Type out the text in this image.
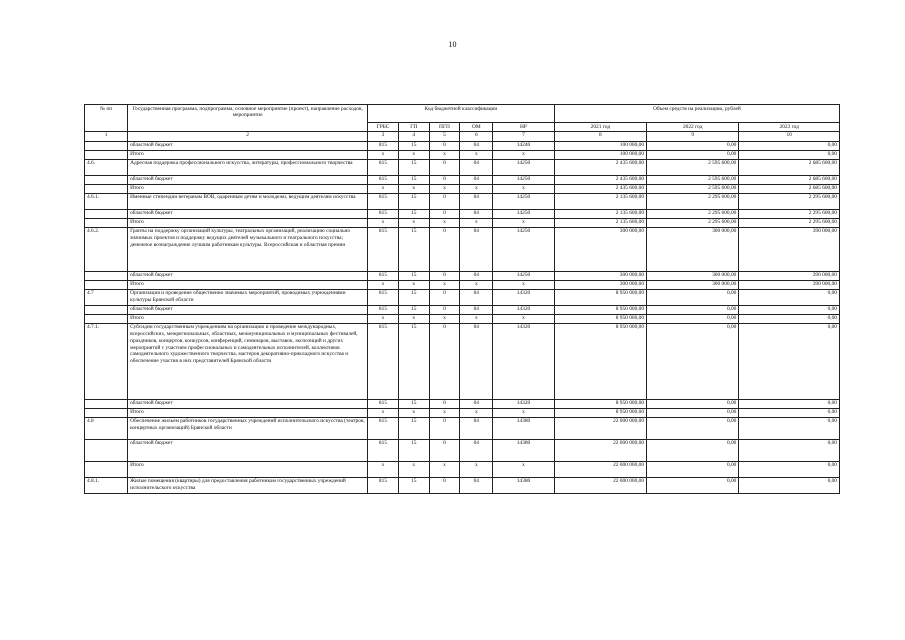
10
№ пп	Государственная программа, подпрограмма, основное мероприятие (проект), направление расходов, мероприятие	Код бюджетной классификации					Объем средств на реализацию, рублей		
		ГРБС	ГП	ПГП	ОМ	НР	2021 год	2022 год	2023 год
1	2	3	4	5	6	7	8	9	10
	областной бюджет	815	15	0	04	14240	100 000,00	0,00	0,00
	Итого	х	х	х	х	х	100 000,00	0,00	0,00
4.6.	Адресная поддержка профессионального искусства, литературы, профессионального творчества	815	15	0	04	14250	2 435 600,00	2 595 600,00	2 685 600,00
	областной бюджет	815	15	0	04	14250	2 435 600,00	2 595 600,00	2 685 600,00
	Итого	х	х	х	х	х	2 435 600,00	2 595 600,00	2 685 600,00
4.6.1.	Именные стипендии ветеранам ВОВ, одаренным детям и молодежи, ведущим деятелям искусства	815	15	0	04	14250	2 135 600,00	2 295 600,00	2 295 600,00
	областной бюджет	815	15	0	04	14250	2 135 600,00	2 295 600,00	2 295 600,00
	Итого	х	х	х	х	х	2 135 600,00	2 295 600,00	2 295 600,00
4.6.2.	Гранты на поддержку организаций культуры, театральных организаций, реализацию социально значимых проектов и поддержку ведущих деятелей музыкального и театрального искусства; денежное вознаграждение лучшим работникам культуры. Всероссийская и областная премии	815	15	0	04	14250	300 000,00	300 000,00	390 000,00
	областной бюджет	815	15	0	04	14250	300 000,00	300 000,00	390 000,00
	Итого	х	х	х	х	х	300 000,00	300 000,00	390 000,00
4.7	Организация и проведение общественно значимых мероприятий, проводимых учреждениями культуры Брянской области	815	15	0	04	14320	8 950 000,00	0,00	0,00
	областной бюджет	815	15	0	04	14320	8 950 000,00	0,00	0,00
	Итого	х	х	х	х	х	8 950 000,00	0,00	0,00
4.7.1.	Субсидии государственным учреждениям на организацию и проведение международных, всероссийских, межрегиональных, областных, межмуниципальных и муниципальных фестивалей, праздников, концертов, конкурсов, конференций, семинаров, выставок, экспозиций и других мероприятий с участием профессиональных и самодеятельных исполнителей, коллективов самодеятельного художественного творчества, мастеров декоративно-прикладного искусства и обеспечение участия в них представителей Брянской области	815	15	0	04	14320	8 950 000,00	0,00	0,00
	областной бюджет	815	15	0	04	14320	8 950 000,00	0,00	0,00
	Итого	х	х	х	х	х	8 950 000,00	0,00	0,00
4.8	Обеспечение жильем работников государственных учреждений исполнительского искусства (театров, концертных организаций) Брянской области	815	15	0	04	14380	22 000 000,00	0,00	0,00
	областной бюджет	815	15	0	04	14380	22 000 000,00	0,00	0,00
	Итого	х	х	х	х	х	22 000 000,00	0,00	0,00
4.8.1.	Жилые помещения (квартиры) для предоставления работникам государственных учреждений исполнительского искусства	815	15	0	04	14380	22 000 000,00	0,00	0,00
